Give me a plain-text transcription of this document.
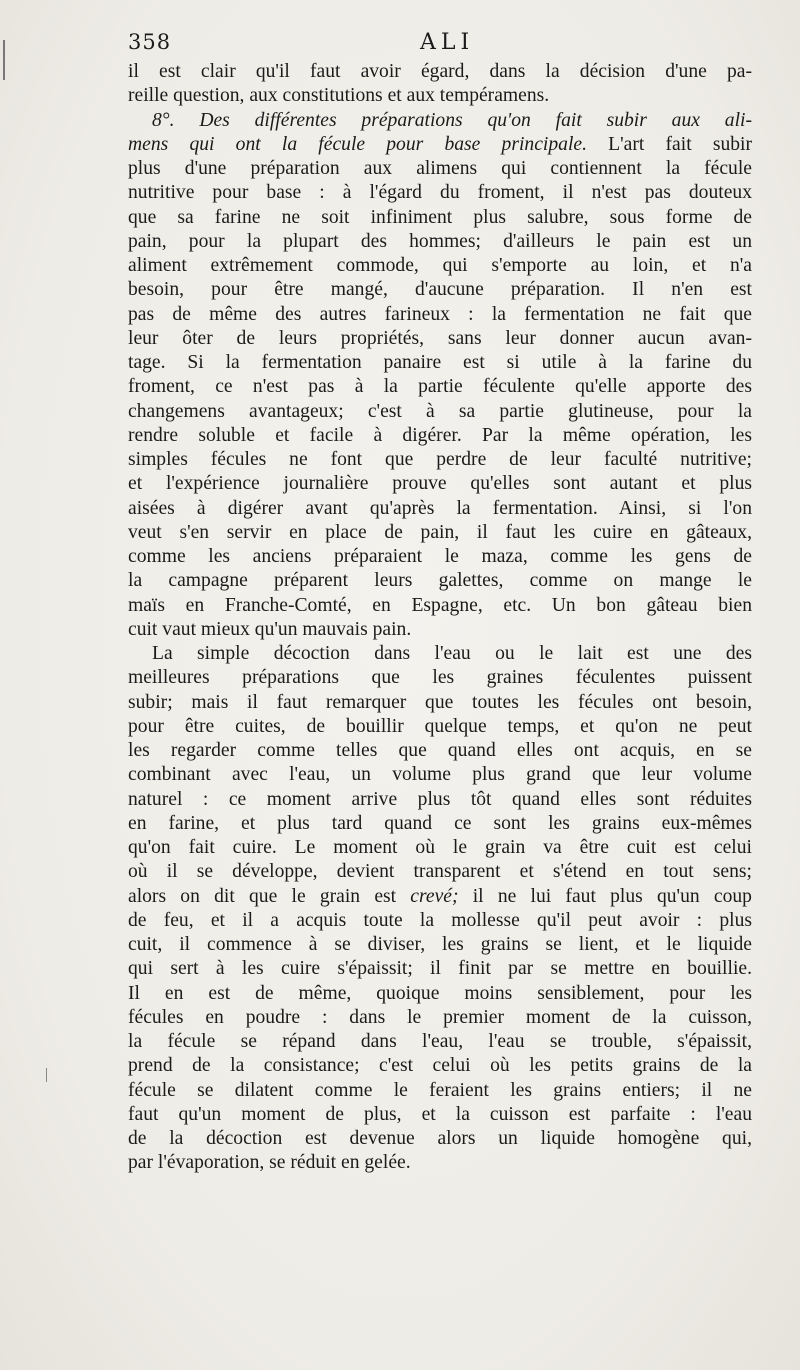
358	ALI
il est clair qu'il faut avoir égard, dans la décision d'une pa-
reille question, aux constitutions et aux tempéramens.
8°. Des différentes préparations qu'on fait subir aux ali-
mens qui ont la fécule pour base principale. L'art fait subir
plus d'une préparation aux alimens qui contiennent la fécule
nutritive pour base : à l'égard du froment, il n'est pas douteux
que sa farine ne soit infiniment plus salubre, sous forme de
pain, pour la plupart des hommes; d'ailleurs le pain est un
aliment extrêmement commode, qui s'emporte au loin, et n'a
besoin, pour être mangé, d'aucune préparation. Il n'en est
pas de même des autres farineux : la fermentation ne fait que
leur ôter de leurs propriétés, sans leur donner aucun avan-
tage. Si la fermentation panaire est si utile à la farine du
froment, ce n'est pas à la partie féculente qu'elle apporte des
changemens avantageux; c'est à sa partie glutineuse, pour la
rendre soluble et facile à digérer. Par la même opération, les
simples fécules ne font que perdre de leur faculté nutritive;
et l'expérience journalière prouve qu'elles sont autant et plus
aisées à digérer avant qu'après la fermentation. Ainsi, si l'on
veut s'en servir en place de pain, il faut les cuire en gâteaux,
comme les anciens préparaient le maza, comme les gens de
la campagne préparent leurs galettes, comme on mange le
maïs en Franche-Comté, en Espagne, etc. Un bon gâteau bien
cuit vaut mieux qu'un mauvais pain.
La simple décoction dans l'eau ou le lait est une des
meilleures préparations que les graines féculentes puissent
subir; mais il faut remarquer que toutes les fécules ont besoin,
pour être cuites, de bouillir quelque temps, et qu'on ne peut
les regarder comme telles que quand elles ont acquis, en se
combinant avec l'eau, un volume plus grand que leur volume
naturel : ce moment arrive plus tôt quand elles sont réduites
en farine, et plus tard quand ce sont les grains eux-mêmes
qu'on fait cuire. Le moment où le grain va être cuit est celui
où il se développe, devient transparent et s'étend en tout sens;
alors on dit que le grain est crevé; il ne lui faut plus qu'un coup
de feu, et il a acquis toute la mollesse qu'il peut avoir : plus
cuit, il commence à se diviser, les grains se lient, et le liquide
qui sert à les cuire s'épaissit; il finit par se mettre en bouillie.
Il en est de même, quoique moins sensiblement, pour les
fécules en poudre : dans le premier moment de la cuisson,
la fécule se répand dans l'eau, l'eau se trouble, s'épaissit,
prend de la consistance; c'est celui où les petits grains de la
fécule se dilatent comme le feraient les grains entiers; il ne
faut qu'un moment de plus, et la cuisson est parfaite : l'eau
de la décoction est devenue alors un liquide homogène qui,
par l'évaporation, se réduit en gelée.
